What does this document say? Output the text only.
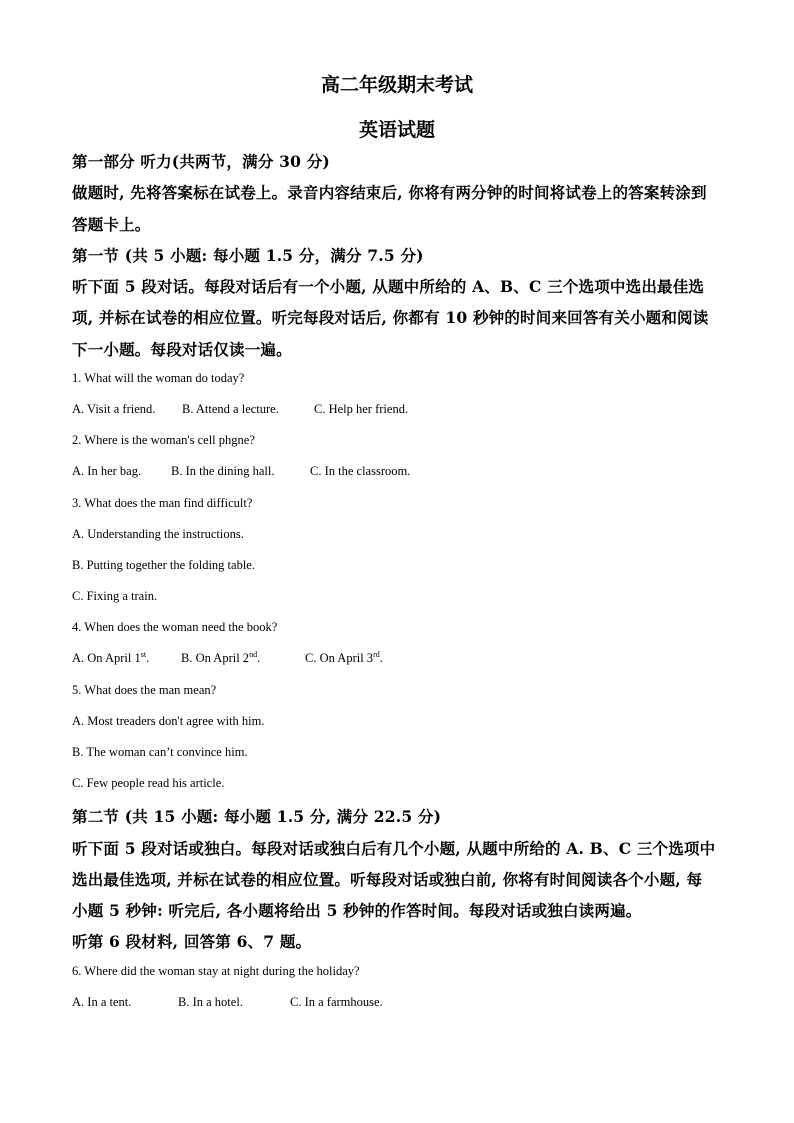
高二年级期末考试
英语试题
第一部分 听力(共两节，满分 30 分)
做题时, 先将答案标在试卷上。录音内容结束后, 你将有两分钟的时间将试卷上的答案转涂到
答题卡上。
第一节 (共 5 小题: 每小题 1.5 分，满分 7.5 分)
听下面 5 段对话。每段对话后有一个小题, 从题中所给的 A、B、C 三个选项中选出最佳选
项, 并标在试卷的相应位置。听完每段对话后, 你都有 10 秒钟的时间来回答有关小题和阅读
下一小题。每段对话仅读一遍。
1. What will the woman do today?
A. Visit a friend. B. Attend a lecture.	C. Help her friend.
2. Where is the woman's cell phgne?
A. In her bag. B. In the dining hall.	C. In the classroom.
3. What does the man find difficult?
A. Understanding the instructions.
B. Putting together the folding table.
C. Fixing a train.
4. When does the woman need the book?
A. On April 1st.	B. On April 2nd.	C. On April 3rd.
5. What does the man mean?
A. Most treaders don't agree with him.
B. The woman can’t convince him.
C. Few people read his article.
第二节 (共 15 小题: 每小题 1.5 分, 满分 22.5 分)
听下面 5 段对话或独白。每段对话或独白后有几个小题, 从题中所给的 A. B、C 三个选项中
选出最佳选项, 并标在试卷的相应位置。听每段对话或独白前, 你将有时间阅读各个小题, 每
小题 5 秒钟: 听完后, 各小题将给出 5 秒钟的作答时间。每段对话或独白读两遍。
听第 6 段材料, 回答第 6、7 题。
6. Where did the woman stay at night during the holiday?
A. In a tent.	B. In a hotel.	C. In a farmhouse.
